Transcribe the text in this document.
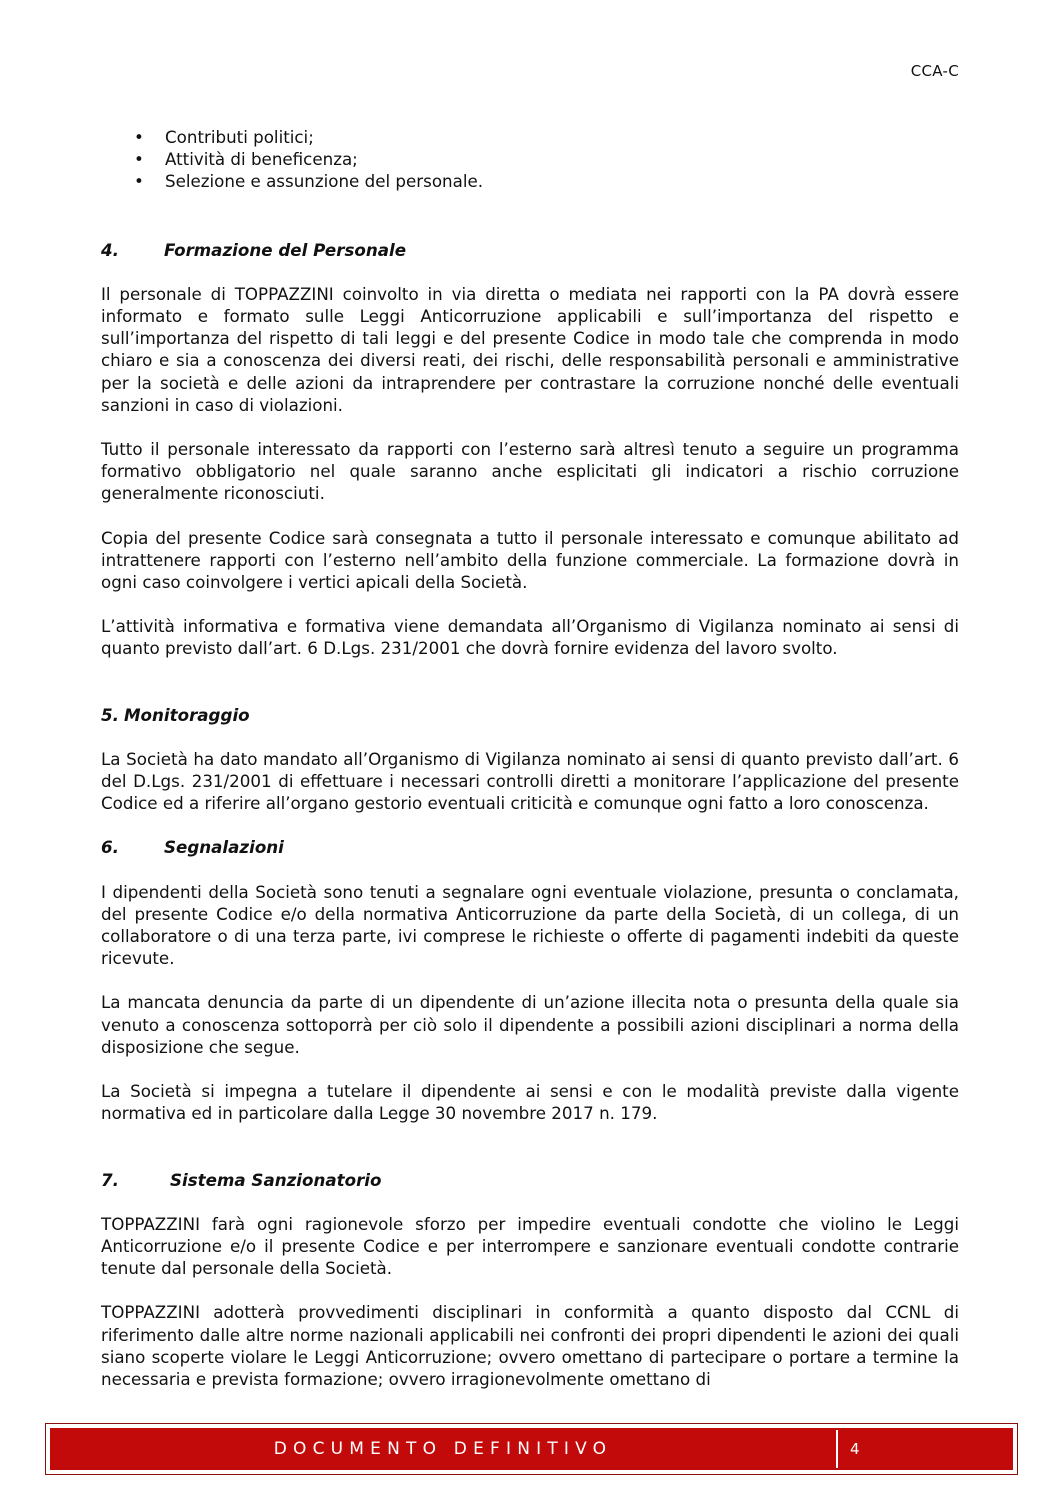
CCA-C
• Contributi politici;
• Attività di beneficenza;
• Selezione e assunzione del personale.
4.	Formazione del Personale

Il personale di TOPPAZZINI coinvolto in via diretta o mediata nei rapporti con la PA dovrà essere informato e formato sulle Leggi Anticorruzione applicabili e sull’importanza del rispetto e sull’importanza del rispetto di tali leggi e del presente Codice in modo tale che comprenda in modo chiaro e sia a conoscenza dei diversi reati, dei rischi, delle responsabilità personali e amministrative per la società e delle azioni da intraprendere per contrastare la corruzione nonché delle eventuali sanzioni in caso di violazioni.

Tutto il personale interessato da rapporti con l’esterno sarà altresì tenuto a seguire un programma formativo obbligatorio nel quale saranno anche esplicitati gli indicatori a rischio corruzione generalmente riconosciuti.

Copia del presente Codice sarà consegnata a tutto il personale interessato e comunque abilitato ad intrattenere rapporti con l’esterno nell’ambito della funzione commerciale. La formazione dovrà in ogni caso coinvolgere i vertici apicali della Società.

L’attività informativa e formativa viene demandata all’Organismo di Vigilanza nominato ai sensi di quanto previsto dall’art. 6 D.Lgs. 231/2001 che dovrà fornire evidenza del lavoro svolto.

5. Monitoraggio

La Società ha dato mandato all’Organismo di Vigilanza nominato ai sensi di quanto previsto dall’art. 6 del D.Lgs. 231/2001 di effettuare i necessari controlli diretti a monitorare l’applicazione del presente Codice ed a riferire all’organo gestorio eventuali criticità e comunque ogni fatto a loro conoscenza.

6.	Segnalazioni

I dipendenti della Società sono tenuti a segnalare ogni eventuale violazione, presunta o conclamata, del presente Codice e/o della normativa Anticorruzione da parte della Società, di un collega, di un collaboratore o di una terza parte, ivi comprese le richieste o offerte di pagamenti indebiti da queste ricevute.

La mancata denuncia da parte di un dipendente di un’azione illecita nota o presunta della quale sia venuto a conoscenza sottoporrà per ciò solo il dipendente a possibili azioni disciplinari a norma della disposizione che segue.

La Società si impegna a tutelare il dipendente ai sensi e con le modalità previste dalla vigente normativa ed in particolare dalla Legge 30 novembre 2017 n. 179.

7.	Sistema Sanzionatorio

TOPPAZZINI farà ogni ragionevole sforzo per impedire eventuali condotte che violino le Leggi Anticorruzione e/o il presente Codice e per interrompere e sanzionare eventuali condotte contrarie tenute dal personale della Società.

TOPPAZZINI adotterà provvedimenti disciplinari in conformità a quanto disposto dal CCNL di riferimento dalle altre norme nazionali applicabili nei confronti dei propri dipendenti le azioni dei quali siano scoperte violare le Leggi Anticorruzione; ovvero omettano di partecipare o portare a termine la necessaria e prevista formazione; ovvero irragionevolmente omettano di

DOCUMENTO DEFINITIVO	4
